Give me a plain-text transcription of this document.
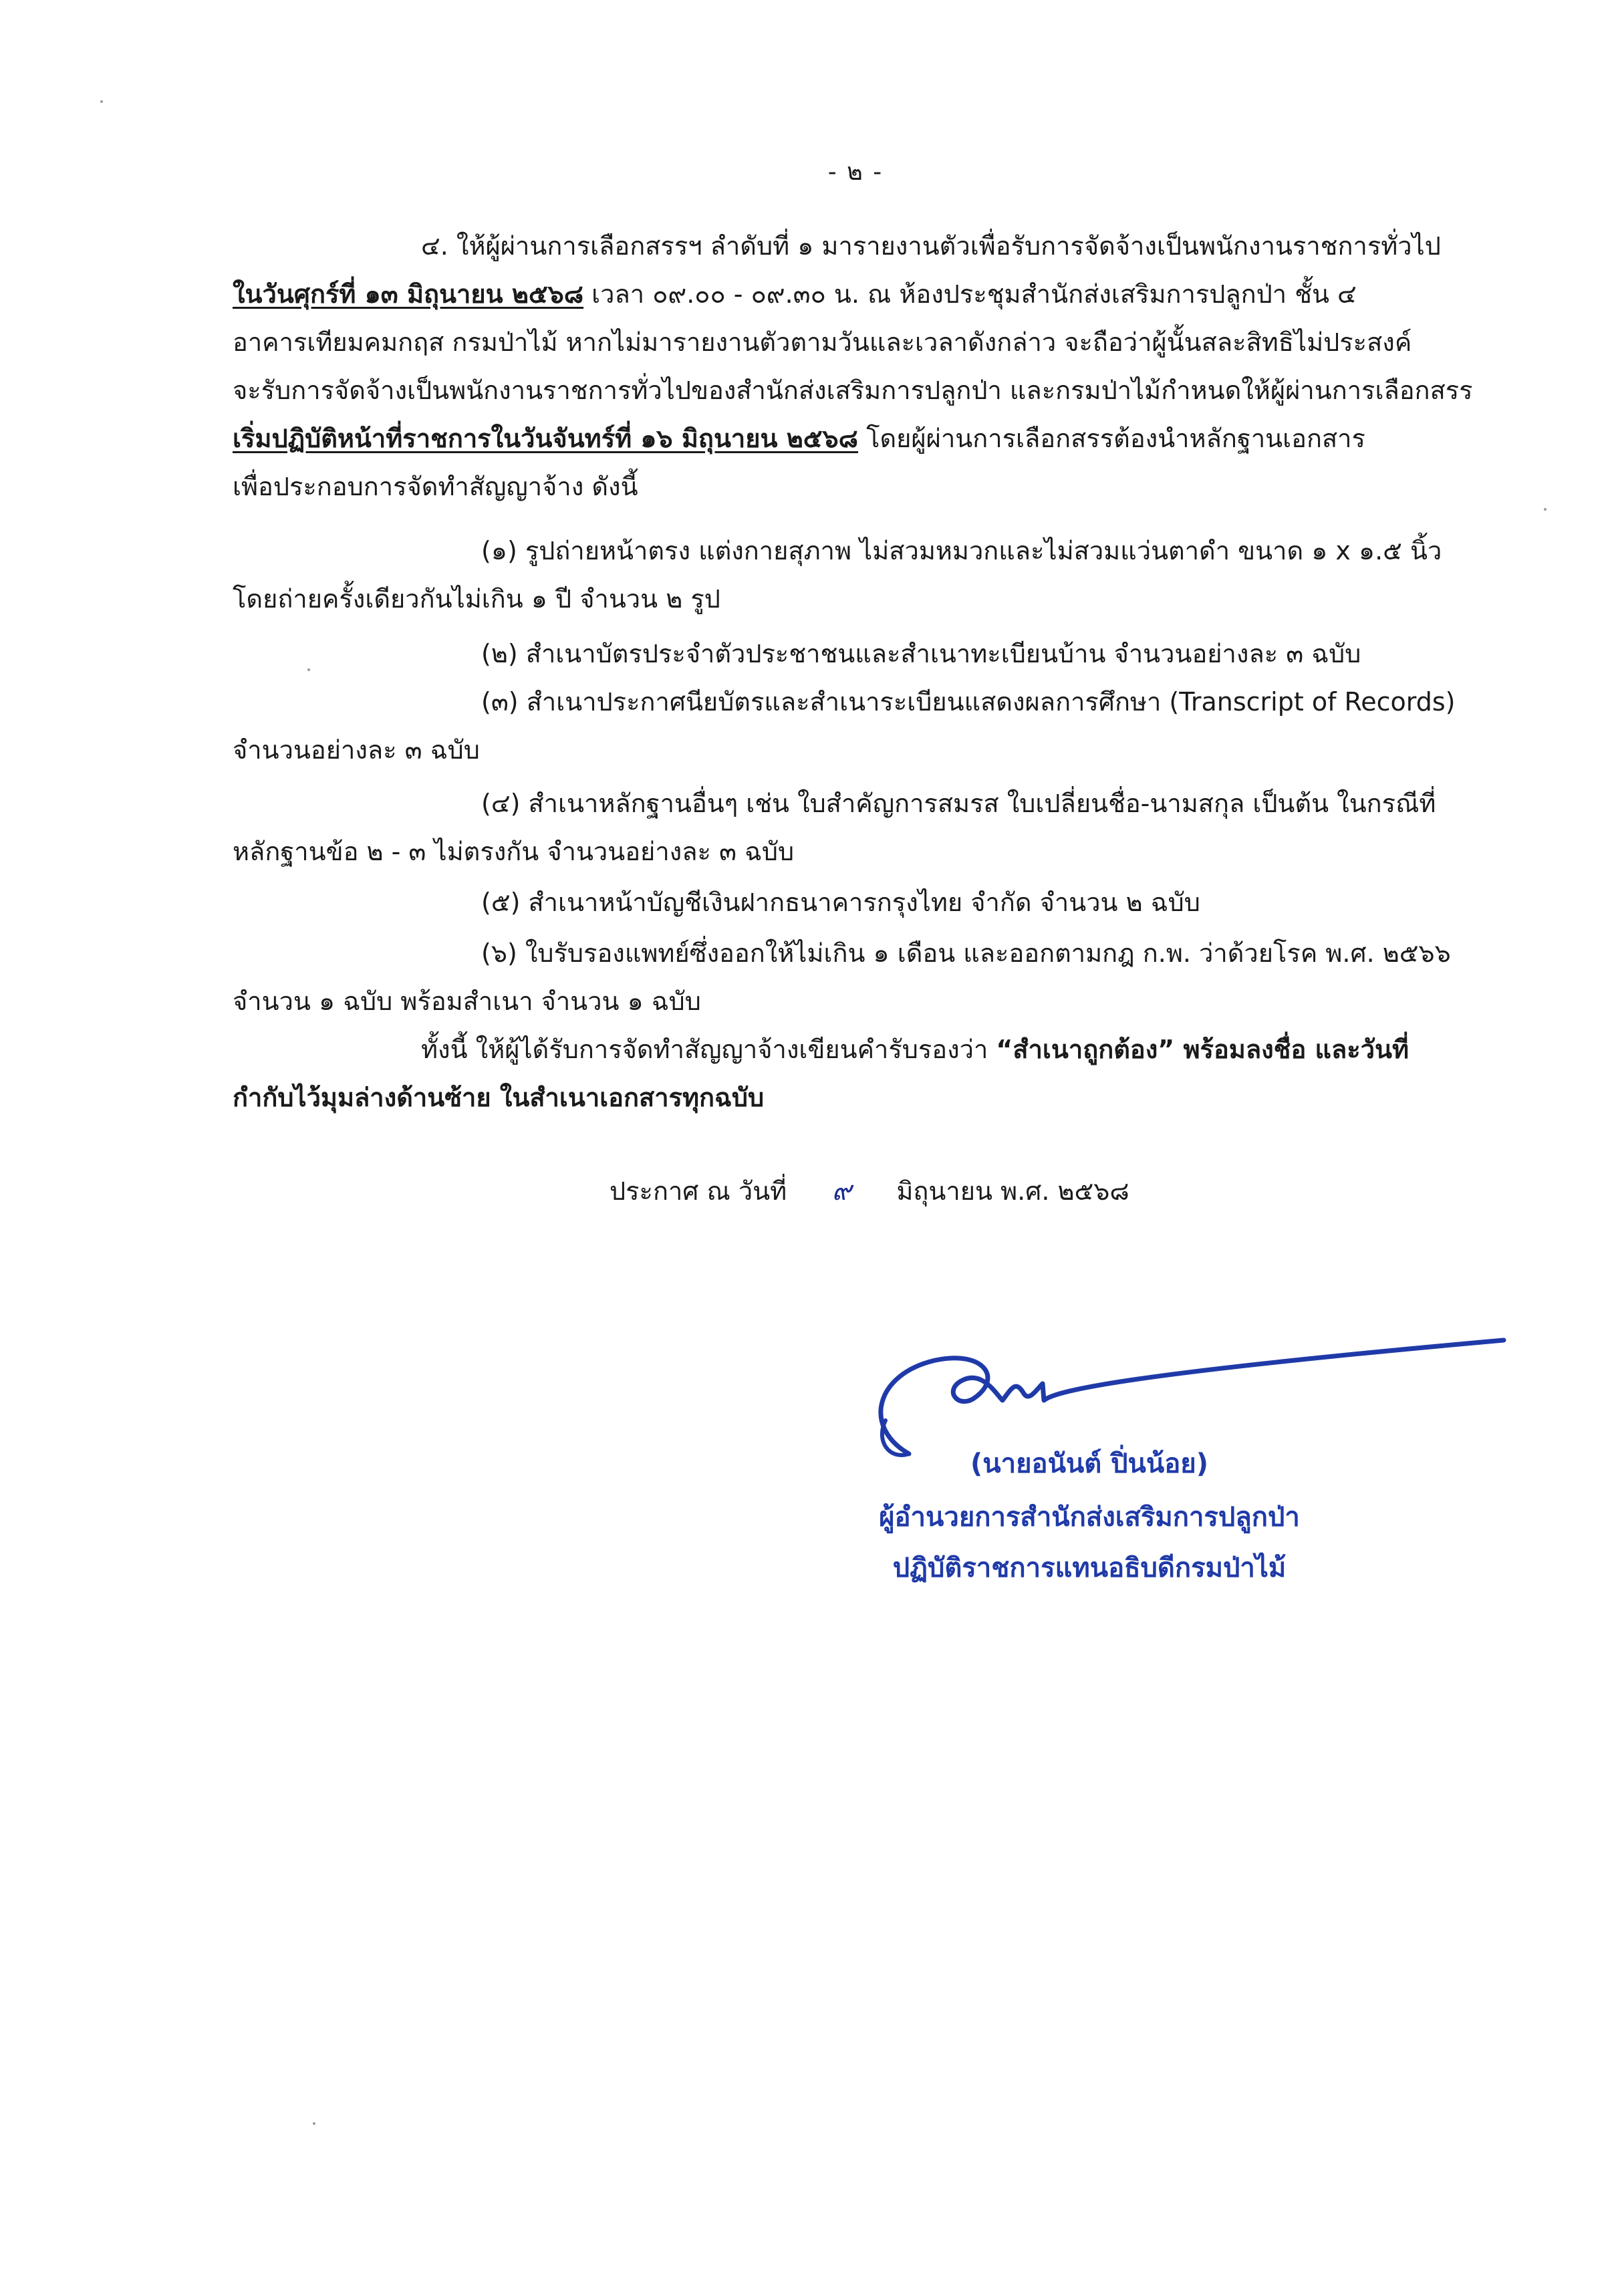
- ๒ -
๔. ให้ผู้ผ่านการเลือกสรรฯ ลำดับที่ ๑ มารายงานตัวเพื่อรับการจัดจ้างเป็นพนักงานราชการทั่วไป
ในวันศุกร์ที่ ๑๓ มิถุนายน ๒๕๖๘ เวลา ๐๙.๐๐ - ๐๙.๓๐ น. ณ ห้องประชุมสำนักส่งเสริมการปลูกป่า ชั้น ๔
อาคารเทียมคมกฤส กรมป่าไม้ หากไม่มารายงานตัวตามวันและเวลาดังกล่าว จะถือว่าผู้นั้นสละสิทธิไม่ประสงค์
จะรับการจัดจ้างเป็นพนักงานราชการทั่วไปของสำนักส่งเสริมการปลูกป่า และกรมป่าไม้กำหนดให้ผู้ผ่านการเลือกสรร
เริ่มปฏิบัติหน้าที่ราชการในวันจันทร์ที่ ๑๖ มิถุนายน ๒๕๖๘ โดยผู้ผ่านการเลือกสรรต้องนำหลักฐานเอกสาร
เพื่อประกอบการจัดทำสัญญาจ้าง ดังนี้
(๑) รูปถ่ายหน้าตรง แต่งกายสุภาพ ไม่สวมหมวกและไม่สวมแว่นตาดำ ขนาด ๑ x ๑.๕ นิ้ว
โดยถ่ายครั้งเดียวกันไม่เกิน ๑ ปี จำนวน ๒ รูป
(๒) สำเนาบัตรประจำตัวประชาชนและสำเนาทะเบียนบ้าน จำนวนอย่างละ ๓ ฉบับ
(๓) สำเนาประกาศนียบัตรและสำเนาระเบียนแสดงผลการศึกษา (Transcript of Records)
จำนวนอย่างละ ๓ ฉบับ
(๔) สำเนาหลักฐานอื่นๆ เช่น ใบสำคัญการสมรส ใบเปลี่ยนชื่อ-นามสกุล เป็นต้น ในกรณีที่
หลักฐานข้อ ๒ - ๓ ไม่ตรงกัน จำนวนอย่างละ ๓ ฉบับ
(๕) สำเนาหน้าบัญชีเงินฝากธนาคารกรุงไทย จำกัด จำนวน ๒ ฉบับ
(๖) ใบรับรองแพทย์ซึ่งออกให้ไม่เกิน ๑ เดือน และออกตามกฎ ก.พ. ว่าด้วยโรค พ.ศ. ๒๕๖๖
จำนวน ๑ ฉบับ พร้อมสำเนา จำนวน ๑ ฉบับ
ทั้งนี้ ให้ผู้ได้รับการจัดทำสัญญาจ้างเขียนคำรับรองว่า “สำเนาถูกต้อง” พร้อมลงชื่อ และวันที่
กำกับไว้มุมล่างด้านซ้าย ในสำเนาเอกสารทุกฉบับ
ประกาศ ณ วันที่ ๙ มิถุนายน พ.ศ. ๒๕๖๘
(นายอนันต์ ปิ่นน้อย)
ผู้อำนวยการสำนักส่งเสริมการปลูกป่า
ปฏิบัติราชการแทนอธิบดีกรมป่าไม้
